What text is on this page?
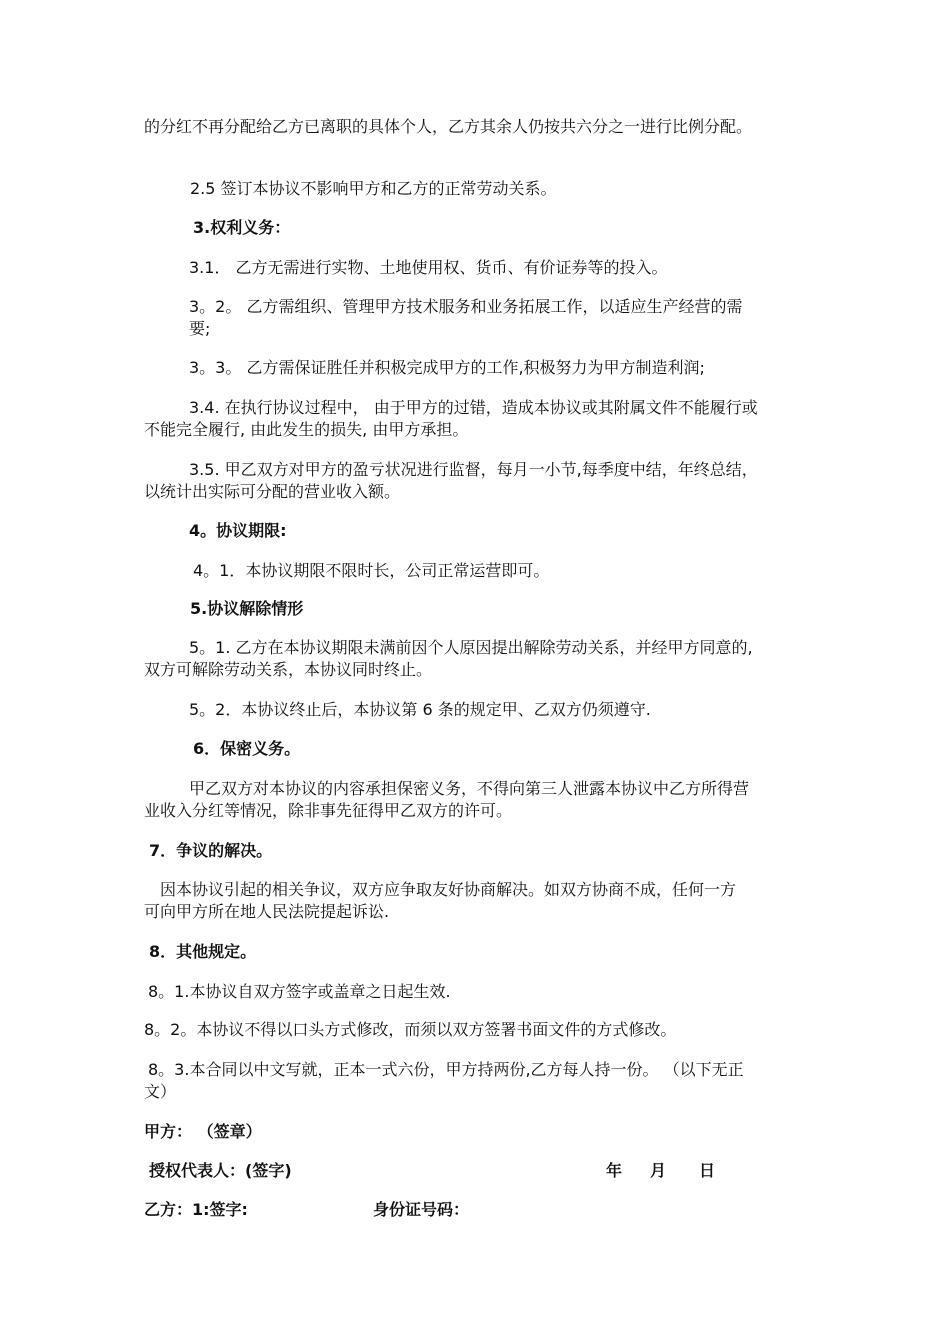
的分红不再分配给乙方已离职的具体个人，乙方其余人仍按共六分之一进行比例分配。
2.5 签订本协议不影响甲方和乙方的正常劳动关系。
3.权利义务：
3.1． 乙方无需进行实物、土地使用权、货币、有价证券等的投入。
3。2。 乙方需组织、管理甲方技术服务和业务拓展工作，以适应生产经营的需
要;
3。3。 乙方需保证胜任并积极完成甲方的工作,积极努力为甲方制造利润;
3.4. 在执行协议过程中， 由于甲方的过错，造成本协议或其附属文件不能履行或
不能完全履行, 由此发生的损失, 由甲方承担。
3.5. 甲乙双方对甲方的盈亏状况进行监督，每月一小节,每季度中结，年终总结，
以统计出实际可分配的营业收入额。
4。协议期限:
4。1．本协议期限不限时长，公司正常运营即可。
5.协议解除情形
5。1. 乙方在本协议期限未满前因个人原因提出解除劳动关系，并经甲方同意的,
双方可解除劳动关系，本协议同时终止。
5。2．本协议终止后，本协议第 6 条的规定甲、乙双方仍须遵守.
6．保密义务。
甲乙双方对本协议的内容承担保密义务，不得向第三人泄露本协议中乙方所得营
业收入分红等情况，除非事先征得甲乙双方的许可。
7．争议的解决。
因本协议引起的相关争议，双方应争取友好协商解决。如双方协商不成，任何一方
可向甲方所在地人民法院提起诉讼.
8．其他规定。
8。1.本协议自双方签字或盖章之日起生效.
8。2。本协议不得以口头方式修改，而须以双方签署书面文件的方式修改。
8。3.本合同以中文写就，正本一式六份，甲方持两份,乙方每人持一份。 （以下无正
文）
甲方： （签章）
授权代表人：(签字)	年 月 日
乙方：1:签字:	身份证号码：
